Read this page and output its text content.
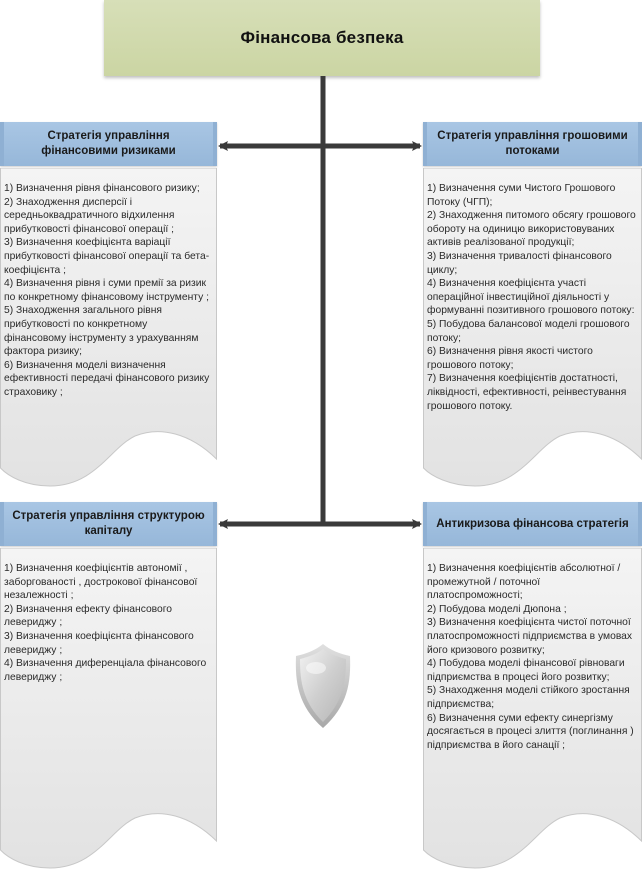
Фінансова безпека
Стратегія управління фінансовими ризиками
1) Визначення рівня фінансового ризику;
2) Знаходження дисперсії і середньоквадратичного відхилення прибутковості фінансової операції ;
3) Визначення коефіцієнта варіації прибутковості фінансової операції та бета-коефіцієнта ;
4) Визначення рівня і суми премії за ризик по конкретному фінансовому інструменту ;
5) Знаходження загального рівня прибутковості по конкретному фінансовому інструменту з урахуванням фактора ризику;
6) Визначення моделі визначення ефективності передачі фінансового ризику страховику ;
Стратегія управління грошовими потоками
1) Визначення суми Чистого Грошового Потоку (ЧГП);
2) Знаходження питомого обсягу грошового обороту на одиницю використовуваних активів реалізованої продукції;
3) Визначення тривалості фінансового циклу;
4) Визначення коефіцієнта участі операційної інвестиційної діяльності у формуванні позитивного грошового потоку:
5) Побудова балансової моделі грошового потоку;
6) Визначення рівня якості чистого грошового потоку;
7) Визначення коефіцієнтів достатності, ліквідності, ефективності, реінвестування грошового потоку.
Стратегія управління структурою капіталу
1) Визначення коефіцієнтів автономії , заборгованості , дострокової фінансової незалежності ;
2) Визначення ефекту фінансового левериджу ;
3) Визначення коефіцієнта фінансового левериджу ;
4) Визначення диференціала фінансового левериджу ;
Антикризова фінансова стратегія
1) Визначення коефіцієнтів абсолютної / промежутной / поточної платоспроможності;
2) Побудова моделі Дюпона ;
3) Визначення коефіцієнта чистої поточної платоспроможності підприємства в умовах його кризового розвитку;
4) Побудова моделі фінансової рівноваги підприємства в процесі його розвитку;
5) Знаходження моделі стійкого зростання підприємства;
6) Визначення суми ефекту синергізму досягається в процесі злиття (поглинання ) підприємства в його санації ;
